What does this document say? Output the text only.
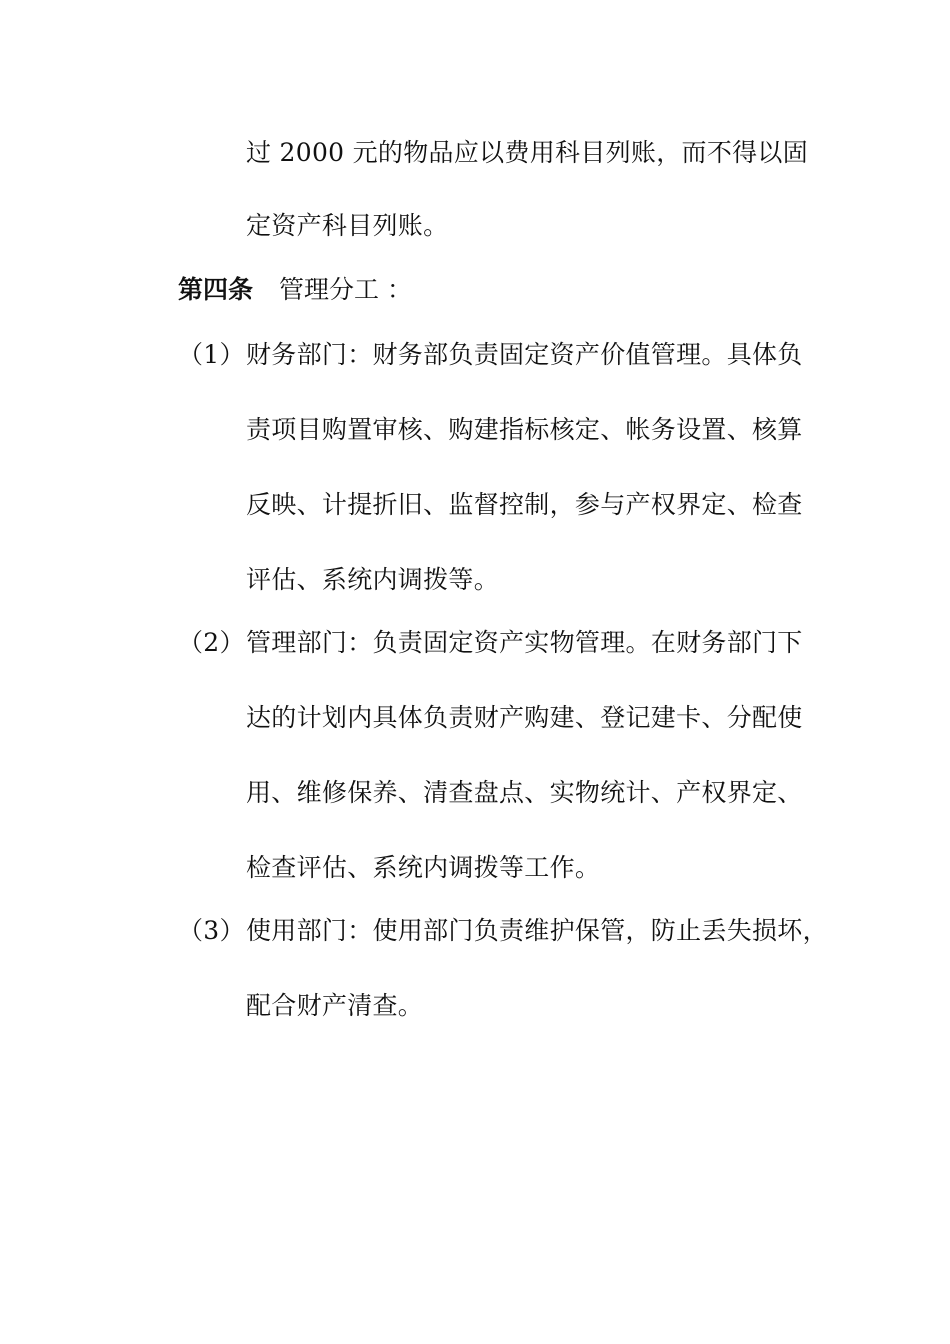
过 2000 元的物品应以费用科目列账，而不得以固
定资产科目列账。
第四条 管理分工 ：
（1） 财务部门：财务部负责固定资产价值管理。具体负
责项目购置审核、购建指标核定、帐务设置、核算
反映、计提折旧、监督控制，参与产权界定、检查
评估、系统内调拨等。
（2） 管理部门：负责固定资产实物管理。在财务部门下
达的计划内具体负责财产购建、登记建卡、分配使
用、维修保养、清查盘点、实物统计、产权界定、
检查评估、系统内调拨等工作。
（3） 使用部门：使用部门负责维护保管，防止丢失损坏，
配合财产清查。
